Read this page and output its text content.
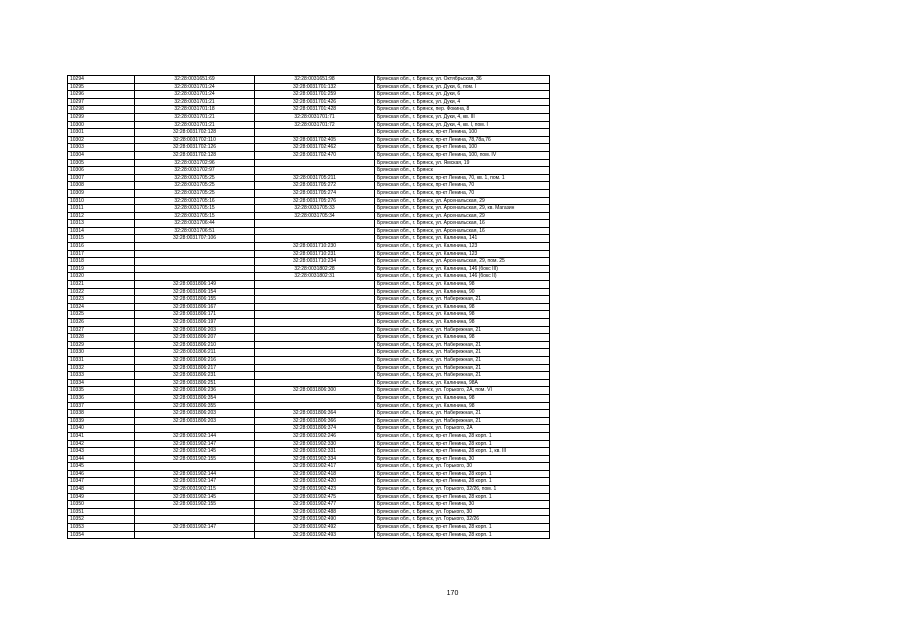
10294	32:28:0031651:69	32:28:0031651:98	Брянская обл., г. Брянск, ул. Октябрьская, 36
10295	32:28:0031701:24	32:28:0031701:132	Брянская обл., г. Брянск, ул. Дуки, 6, пом. I
10296	32:28:0031701:24	32:28:0031701:259	Брянская обл., г. Брянск, ул. Дуки, 6
10297	32:28:0031701:21	32:28:0031701:426	Брянская обл., г. Брянск, ул. Дуки, 4
10298	32:28:0031701:18	32:28:0031701:428	Брянская обл., г. Брянск, пер. Фокина, 8
10299	32:28:0031701:21	32:28:0031701:71	Брянская обл., г. Брянск, ул. Дуки, 4, кв. III
10300	32:28:0031701:21	32:28:0031701:72	Брянская обл., г. Брянск, ул. Дуки, 4, кв. I, пом. I
10301	32:28:0031702:128		Брянская обл., г. Брянск, пр-кт Ленина, 100
10302	32:28:0031702:110	32:28:0031702:405	Брянская обл., г. Брянск, пр-кт Ленина, 78,78а,76
10303	32:28:0031702:126	32:28:0031702:462	Брянская обл., г. Брянск, пр-кт Ленина, 100
10304	32:28:0031702:128	32:28:0031702:470	Брянская обл., г. Брянск, пр-кт Ленина, 100, пом. IV
10305	32:28:0031702:96		Брянская обл., г. Брянск, ул. Ямская, 19
10306	32:28:0031702:97		Брянская обл., г. Брянск
10307	32:28:0031705:25	32:28:0031705:211	Брянская обл., г. Брянск, пр-кт Ленина, 70, кв. 1, пом. 1
10308	32:28:0031705:25	32:28:0031705:272	Брянская обл., г. Брянск, пр-кт Ленина, 70
10309	32:28:0031705:25	32:28:0031705:274	Брянская обл., г. Брянск, пр-кт Ленина, 70
10310	32:28:0031705:16	32:28:0031705:276	Брянская обл., г. Брянск, ул. Арсенальская, 29
10311	32:28:0031705:15	32:28:0031705:33	Брянская обл., г. Брянск, ул. Арсенальская, 29, кв. Магазин
10312	32:28:0031705:15	32:28:0031705:34	Брянская обл., г. Брянск, ул. Арсенальская, 29
10313	32:28:0031706:44		Брянская обл., г. Брянск, ул. Арсенальская, 16
10314	32:28:0031706:51		Брянская обл., г. Брянск, ул. Арсенальская, 16
10315	32:28:0031707:106		Брянская обл., г. Брянск, ул. Калинина, 141
10316		32:28:0031710:230	Брянская обл., г. Брянск, ул. Калинина, 123
10317		32:28:0031710:231	Брянская обл., г. Брянск, ул. Калинина, 123
10318		32:28:0031710:234	Брянская обл., г. Брянск, ул. Арсенальская, 29, пом. 25
10319		32:28:0031802:28	Брянская обл., г. Брянск, ул. Калинина, 146 (бокс III)
10320		32:28:0031802:31	Брянская обл., г. Брянск, ул. Калинина, 146 (бокс II)
10321	32:28:0031806:149		Брянская обл., г. Брянск, ул. Калинина, 98
10322	32:28:0031806:154		Брянская обл., г. Брянск, ул. Калинина, 90
10323	32:28:0031806:155		Брянская обл., г. Брянск, ул. Набережная, 21
10324	32:28:0031806:167		Брянская обл., г. Брянск, ул. Калинина, 98
10325	32:28:0031806:171		Брянская обл., г. Брянск, ул. Калинина, 98
10326	32:28:0031806:197		Брянская обл., г. Брянск, ул. Калинина, 98
10327	32:28:0031806:203		Брянская обл., г. Брянск, ул. Набережная, 21
10328	32:28:0031806:207		Брянская обл., г. Брянск, ул. Калинина, 98
10329	32:28:0031806:210		Брянская обл., г. Брянск, ул. Набережная, 21
10330	32:28:0031806:211		Брянская обл., г. Брянск, ул. Набережная, 21
10331	32:28:0031806:216		Брянская обл., г. Брянск, ул. Набережная, 21
10332	32:28:0031806:217		Брянская обл., г. Брянск, ул. Набережная, 21
10333	32:28:0031806:231		Брянская обл., г. Брянск, ул. Набережная, 21
10334	32:28:0031806:251		Брянская обл., г. Брянск, ул. Калинина, 98А
10335	32:28:0031806:236	32:28:0031806:300	Брянская обл., г. Брянск, ул. Горького, 2А, пом. VI
10336	32:28:0031806:354		Брянская обл., г. Брянск, ул. Калинина, 98
10337	32:28:0031806:355		Брянская обл., г. Брянск, ул. Калинина, 98
10338	32:28:0031806:203	32:28:0031806:364	Брянская обл., г. Брянск, ул. Набережная, 21
10339	32:28:0031806:203	32:28:0031806:366	Брянская обл., г. Брянск, ул. Набережная, 21
10340		32:28:0031806:374	Брянская обл., г. Брянск, ул. Горького, 2А
10341	32:28:0031902:144	32:28:0031902:246	Брянская обл., г. Брянск, пр-кт Ленина, 28 корп. 1
10342	32:28:0031902:147	32:28:0031902:330	Брянская обл., г. Брянск, пр-кт Ленина, 28 корп. 1
10343	32:28:0031902:145	32:28:0031902:331	Брянская обл., г. Брянск, пр-кт Ленина, 28 корп. 1, кв. III
10344	32:28:0031902:155	32:28:0031902:334	Брянская обл., г. Брянск, пр-кт Ленина, 30
10345		32:28:0031902:417	Брянская обл., г. Брянск, ул. Горького, 30
10346	32:28:0031902:144	32:28:0031902:418	Брянская обл., г. Брянск, пр-кт Ленина, 28 корп. 1
10347	32:28:0031902:147	32:28:0031902:420	Брянская обл., г. Брянск, пр-кт Ленина, 28 корп. 1
10348	32:28:0031902:115	32:28:0031902:423	Брянская обл., г. Брянск, ул. Горького, 32/26, пом. 1
10349	32:28:0031902:145	32:28:0031902:475	Брянская обл., г. Брянск, пр-кт Ленина, 28 корп. 1
10350	32:28:0031902:155	32:28:0031902:477	Брянская обл., г. Брянск, пр-кт Ленина, 30
10351		32:28:0031902:488	Брянская обл., г. Брянск, ул. Горького, 30
10352		32:28:0031902:490	Брянская обл., г. Брянск, ул. Горького, 32/26
10353	32:28:0031902:147	32:28:0031902:492	Брянская обл., г. Брянск, пр-кт Ленина, 28 корп. 1
10354		32:28:0031902:493	Брянская обл., г. Брянск, пр-кт Ленина, 28 корп. 1
170
